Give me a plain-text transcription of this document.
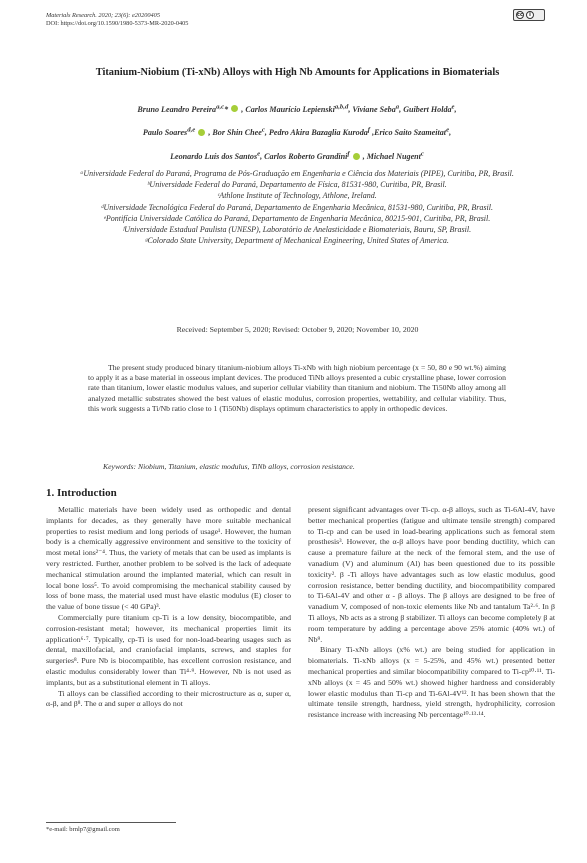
Materials Research. 2020; 23(6): e20200405
DOI: https://doi.org/10.1590/1980-5373-MR-2020-0405
cc	i
Titanium-Niobium (Ti-xNb) Alloys with High Nb Amounts for Applications in Biomaterials
Bruno Leandro Pereira$^{a,c}$* , Carlos Maurício Lepienski$^{a,b,d}$, Viviane Seba$^a$, Guibert Holda$^e$,
Paulo Soares$^{d,e}$ , Bor Shin Chee$^c$, Pedro Akira Bazaglia Kuroda$^f$ ,Erico Saito Szameitat$^e$,
Leonardo Luís dos Santos$^e$, Carlos Roberto Grandini$^f$ , Michael Nugent$^c$
ᵃUniversidade Federal do Paraná, Programa de Pós-Graduação em Engenharia e Ciência dos Materiais (PIPE), Curitiba, PR, Brasil.
ᵇUniversidade Federal do Paraná, Departamento de Física, 81531-980, Curitiba, PR, Brasil.
ᶜAthlone Institute of Technology, Athlone, Ireland.
ᵈUniversidade Tecnológica Federal do Paraná, Departamento de Engenharia Mecânica, 81531-980, Curitiba, PR, Brasil.
ᵉPontifícia Universidade Católica do Paraná, Departamento de Engenharia Mecânica, 80215-901, Curitiba, PR, Brasil.
ᶠUniversidade Estadual Paulista (UNESP), Laboratório de Anelasticidade e Biomateriais, Bauru, SP, Brasil.
ᵍColorado State University, Department of Mechanical Engineering, United States of America.
Received: September 5, 2020; Revised: October 9, 2020; November 10, 2020
The present study produced binary titanium-niobium alloys Ti-xNb with high niobium percentage (x = 50, 80 e 90 wt.%) aiming to apply it as a base material in osseous implant devices. The produced TiNb alloys presented a cubic crystalline phase, lower corrosion rate than titanium, lower elastic modulus values, and superior cellular viability than titanium and niobium. The Ti50Nb alloy among all analyzed metallic substrates showed the best values of elastic modulus, corrosion properties, wettability, and cellular viability. Thus, this work suggests a Ti/Nb ratio close to 1 (Ti50Nb) displays optimum characteristics to apply in orthopedic devices.
Keywords: Niobium, Titanium, elastic modulus, TiNb alloys, corrosion resistance.
1. Introduction

Metallic materials have been widely used as orthopedic and dental implants for decades, as they generally have more suitable mechanical properties to resist medium and long periods of usage¹. However, the human body is a chemically aggressive environment and sensitive to the toxicity of most metal ions²⁻⁴. Thus, the variety of metals that can be used as implants is very restricted. Further, another problem to be solved is the lack of adequate mechanical stimulation around the implanted material, which can result in local bone loss⁵. To avoid compromising the mechanical stability caused by loss of bone mass, the material used must have elastic modulus (E) closer to the value of bone tissue (< 40 GPa)³.

Commercially pure titanium cp-Ti is a low density, biocompatible, and corrosion-resistant metal; however, its mechanical properties limit its application⁶·⁷. Typically, cp-Ti is used for non-load-bearing usages such as dental, maxillofacial, and craniofacial implants, screws, and staples for surgeries⁸. Pure Nb is biocompatible, has excellent corrosion resistance, and elastic modulus considerably lower than Ti⁴·⁹. However, Nb is not used as implants, but as a substitutional element in Ti alloys.

Ti alloys can be classified according to their microstructure as α, super α, α-β, and β⁸. The α and super α alloys do not

present significant advantages over Ti-cp. α-β alloys, such as Ti-6Al-4V, have better mechanical properties (fatigue and ultimate tensile strength) compared to Ti-cp and can be used in load-bearing applications such as femoral stem prosthesis³. However, the α-β alloys have poor bending ductility, which can cause a premature failure at the neck of the femoral stem, and the use of vanadium (V) and aluminum (Al) has been questioned due to its possible toxicity². β -Ti alloys have advantages such as low elastic modulus, good corrosion resistance, better bending ductility, and biocompatibility compared to Ti-6Al-4V and other α - β alloys. The β alloys are designed to be free of vanadium V, composed of non-toxic elements like Nb and tantalum Ta²·⁶. In β Ti alloys, Nb acts as a strong β stabilizer. Ti alloys can become completely β at room temperature by adding a percentage above 25% atomic (40% wt.) of Nb⁹.

Binary Ti-xNb alloys (x% wt.) are being studied for application in biomaterials. Ti-xNb alloys (x = 5-25%, and 45% wt.) presented better mechanical properties and similar biocompatibility compared to Ti-cp¹⁰·¹¹. Ti-xNb alloys (x = 45 and 50% wt.) showed higher hardness and considerably lower elastic modulus than Ti-cp and Ti-6Al-4V¹². It has been shown that the ultimate tensile strength, hardness, yield strength, hydrophilicity, corrosion resistance increase with increasing Nb percentage¹⁰·¹³·¹⁴.

*e-mail: brnlp7@gmail.com
